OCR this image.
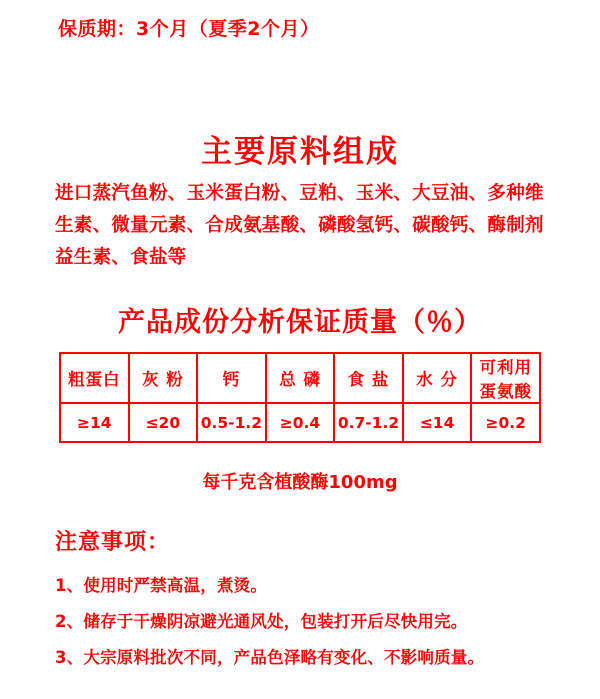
保质期：3个月（夏季2个月）
主要原料组成
进口蒸汽鱼粉、玉米蛋白粉、豆粕、玉米、大豆油、多种维生素、微量元素、合成氨基酸、磷酸氢钙、碳酸钙、酶制剂益生素、食盐等
产品成份分析保证质量（％）
粗蛋白	灰 粉	钙	总 磷	食 盐	水 分	可利用蛋氨酸
≥14	≤20	0.5-1.2	≥0.4	0.7-1.2	≤14	≥0.2
每千克含植酸酶100mg
注意事项：
1、使用时严禁高温，煮烫。
2、储存于干燥阴凉避光通风处，包装打开后尽快用完。
3、大宗原料批次不同，产品色泽略有变化、不影响质量。
